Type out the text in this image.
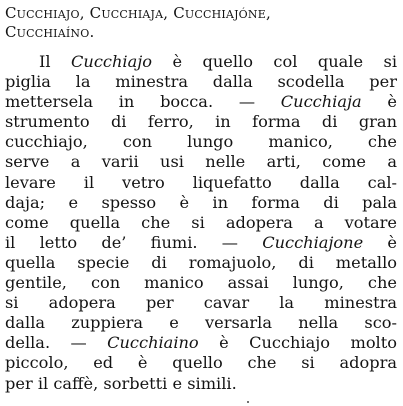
Cucchiajo, Cucchiaja, Cucchiajóne,
Cucchiaíno.
Il Cucchiajo è quello col quale si
piglia la minestra dalla scodella per
mettersela in bocca. — Cucchiaja è
strumento di ferro, in forma di gran
cucchiajo, con lungo manico, che
serve a varii usi nelle arti, come a
levare il vetro liquefatto dalla cal-
daja; e spesso è in forma di pala
come quella che si adopera a votare
il letto de’ fiumi. — Cucchiajone è
quella specie di romajuolo, di metallo
gentile, con manico assai lungo, che
si adopera per cavar la minestra
dalla zuppiera e versarla nella sco-
della. — Cucchiaino è Cucchiajo molto
piccolo, ed è quello che si adopra
per il caffè, sorbetti e simili.
